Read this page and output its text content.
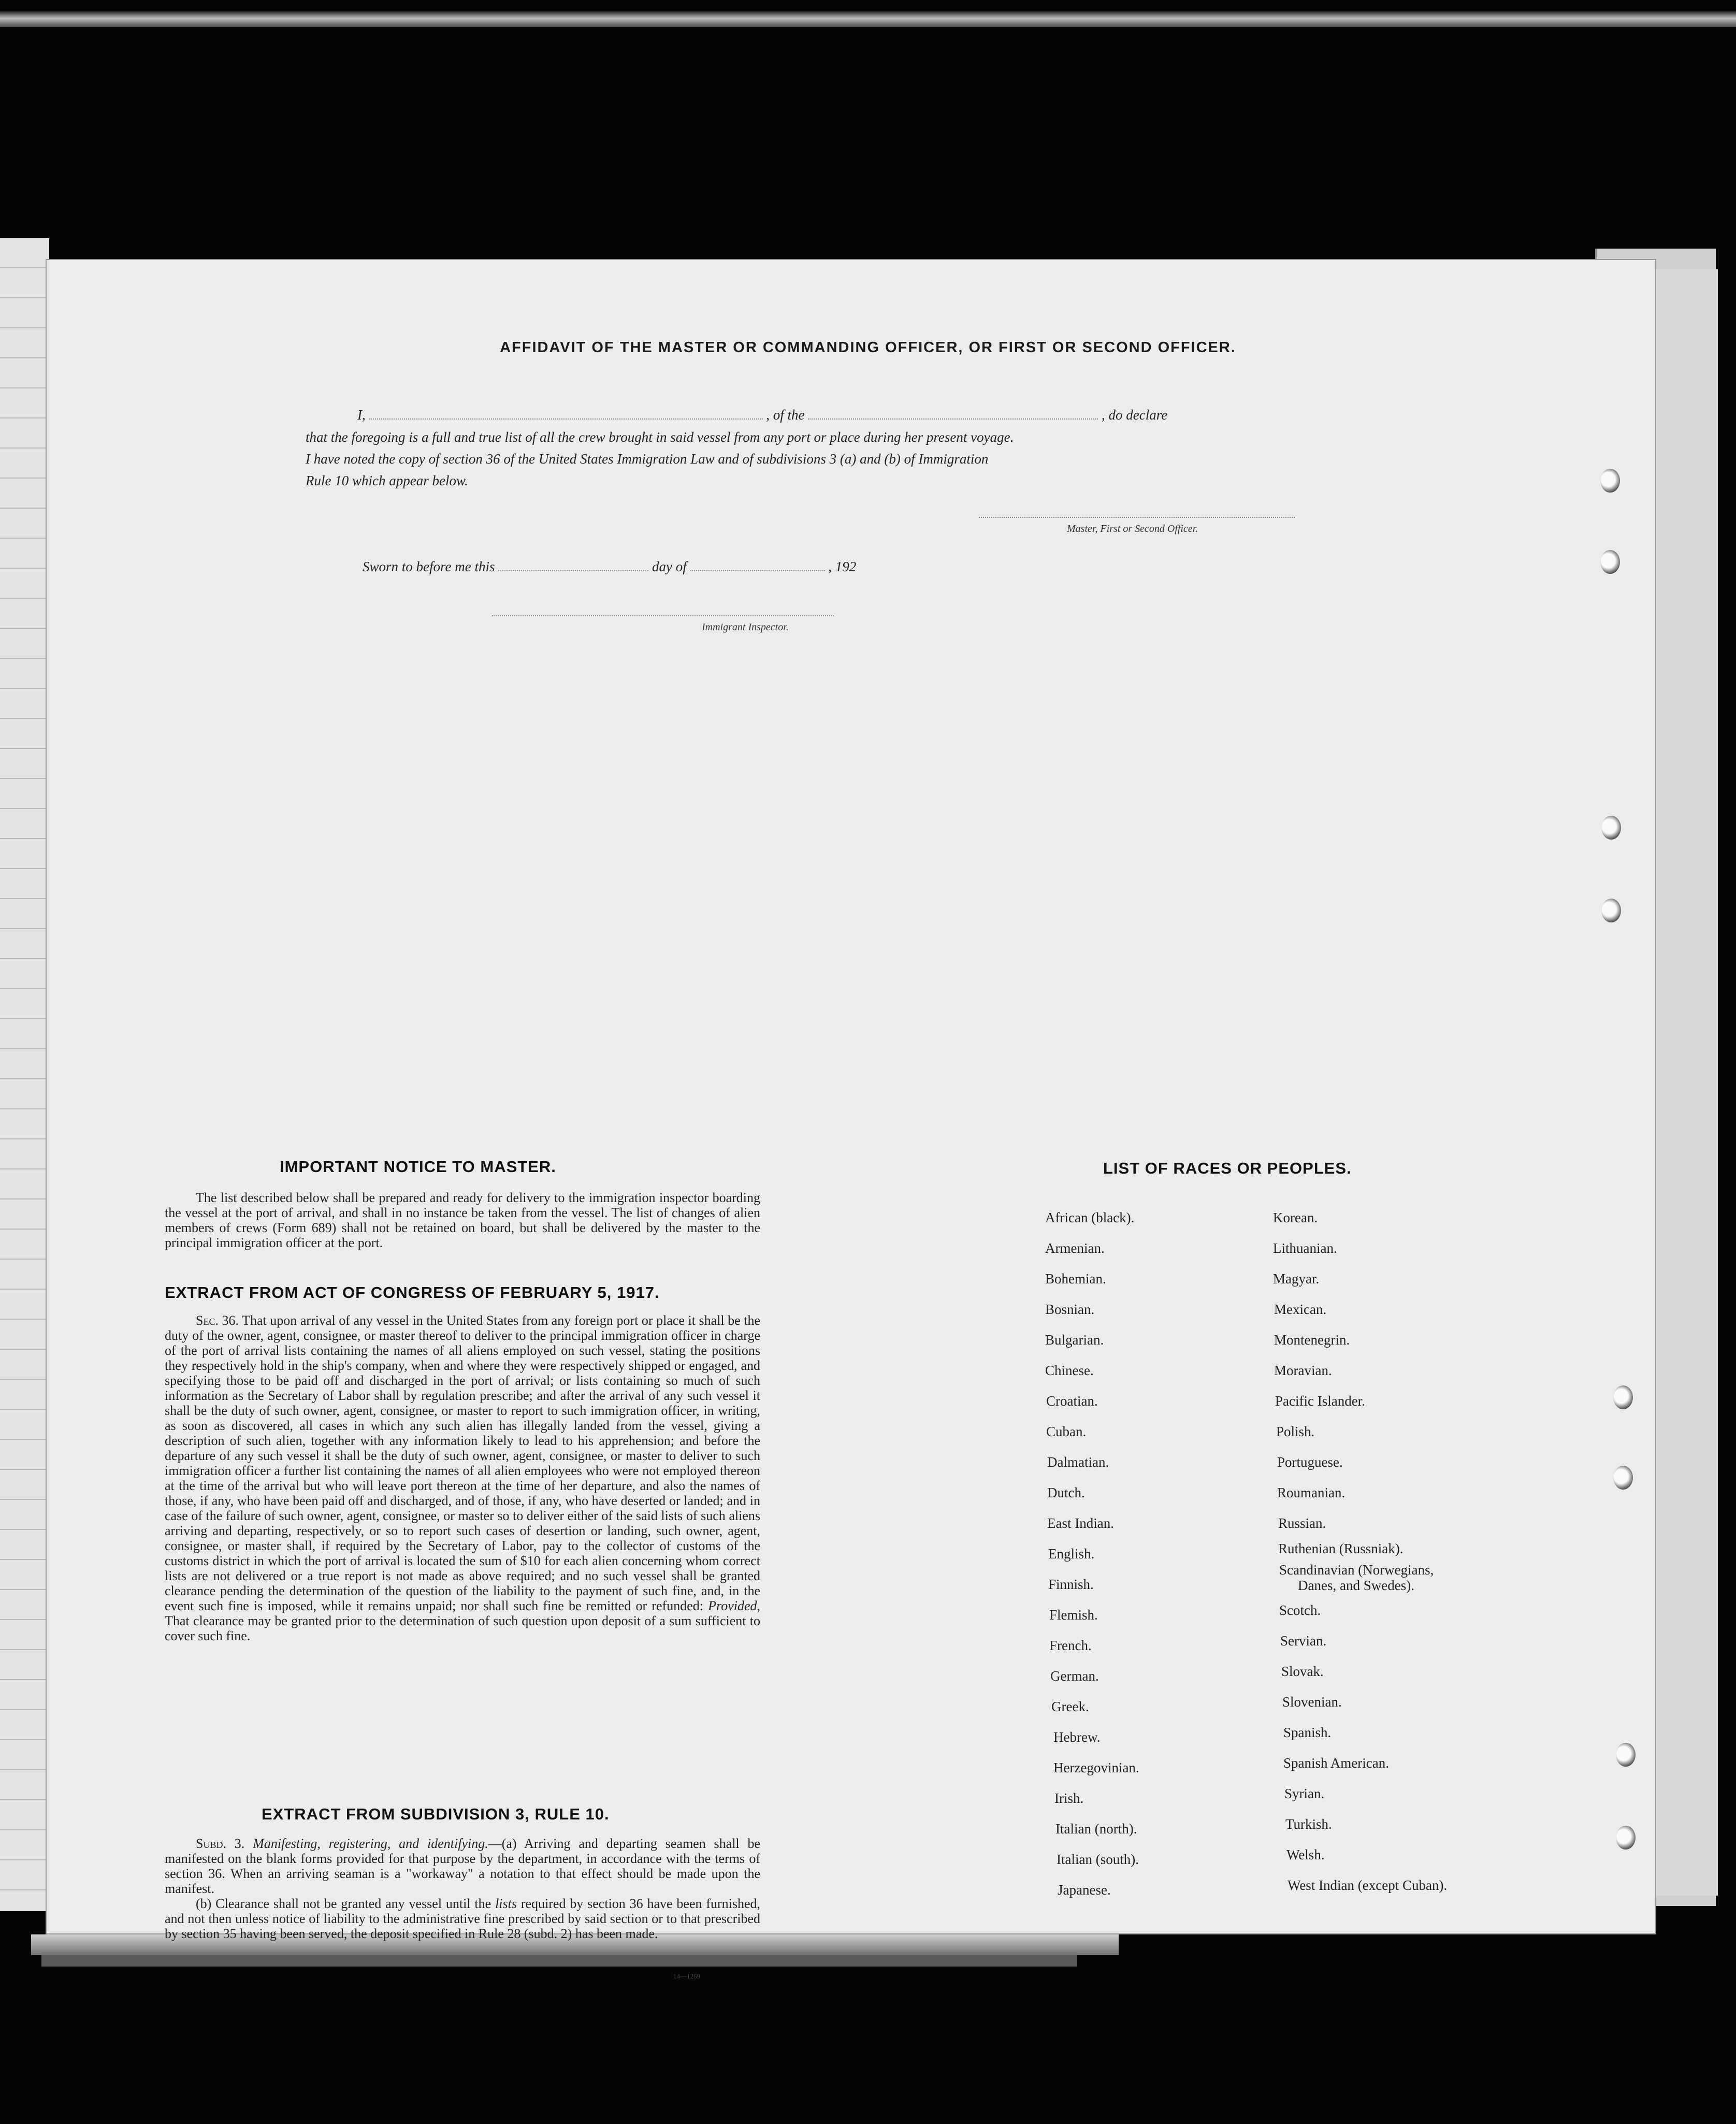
AFFIDAVIT OF THE MASTER OR COMMANDING OFFICER, OR FIRST OR SECOND OFFICER.

I,	, of the	, do declare

that the foregoing is a full and true list of all the crew brought in said vessel from any port or place during her present voyage.

I have noted the copy of section 36 of the United States Immigration Law and of subdivisions 3 (a) and (b) of Immigration

Rule 10 which appear below.

Master, First or Second Officer.

Sworn to before me this	day of	, 192

Immigrant Inspector.
IMPORTANT NOTICE TO MASTER.

The list described below shall be prepared and ready for delivery to the immigration inspector boarding the vessel at the port of arrival, and shall in no instance be taken from the vessel. The list of changes of alien members of crews (Form 689) shall not be retained on board, but shall be delivered by the master to the principal immigration officer at the port.

EXTRACT FROM ACT OF CONGRESS OF FEBRUARY 5, 1917.

Sec. 36. That upon arrival of any vessel in the United States from any foreign port or place it shall be the duty of the owner, agent, consignee, or master thereof to deliver to the principal immigration officer in charge of the port of arrival lists containing the names of all aliens employed on such vessel, stating the positions they respectively hold in the ship's company, when and where they were respectively shipped or engaged, and specifying those to be paid off and discharged in the port of arrival; or lists containing so much of such information as the Secretary of Labor shall by regulation prescribe; and after the arrival of any such vessel it shall be the duty of such owner, agent, consignee, or master to report to such immigration officer, in writing, as soon as discovered, all cases in which any such alien has illegally landed from the vessel, giving a description of such alien, together with any information likely to lead to his apprehension; and before the departure of any such vessel it shall be the duty of such owner, agent, consignee, or master to deliver to such immigration officer a further list containing the names of all alien employees who were not employed thereon at the time of the arrival but who will leave port thereon at the time of her departure, and also the names of those, if any, who have been paid off and discharged, and of those, if any, who have deserted or landed; and in case of the failure of such owner, agent, consignee, or master so to deliver either of the said lists of such aliens arriving and departing, respectively, or so to report such cases of desertion or landing, such owner, agent, consignee, or master shall, if required by the Secretary of Labor, pay to the collector of customs of the customs district in which the port of arrival is located the sum of $10 for each alien concerning whom correct lists are not delivered or a true report is not made as above required; and no such vessel shall be granted clearance pending the determination of the question of the liability to the payment of such fine, and, in the event such fine is imposed, while it remains unpaid; nor shall such fine be remitted or refunded: Provided, That clearance may be granted prior to the determination of such question upon deposit of a sum sufficient to cover such fine.

EXTRACT FROM SUBDIVISION 3, RULE 10.

Subd. 3. Manifesting, registering, and identifying.—(a) Arriving and departing seamen shall be manifested on the blank forms provided for that purpose by the department, in accordance with the terms of section 36. When an arriving seaman is a "workaway" a notation to that effect should be made upon the manifest.
(b) Clearance shall not be granted any vessel until the lists required by section 36 have been furnished, and not then unless notice of liability to the administrative fine prescribed by said section or to that prescribed by section 35 having been served, the deposit specified in Rule 28 (subd. 2) has been made.

14—1269
LIST OF RACES OR PEOPLES.

African (black).

Armenian.

Bohemian.

Bosnian.

Bulgarian.

Chinese.

Croatian.

Cuban.

Dalmatian.

Dutch.

East Indian.

English.

Finnish.

Flemish.

French.

German.

Greek.

Hebrew.

Herzegovinian.

Irish.

Italian (north).

Italian (south).

Japanese.

Korean.

Lithuanian.

Magyar.

Mexican.

Montenegrin.

Moravian.

Pacific Islander.

Polish.

Portuguese.

Roumanian.

Russian.

Ruthenian (Russniak).

Scandinavian (Norwegians,

Danes, and Swedes).

Scotch.

Servian.

Slovak.

Slovenian.

Spanish.

Spanish American.

Syrian.

Turkish.

Welsh.

West Indian (except Cuban).
